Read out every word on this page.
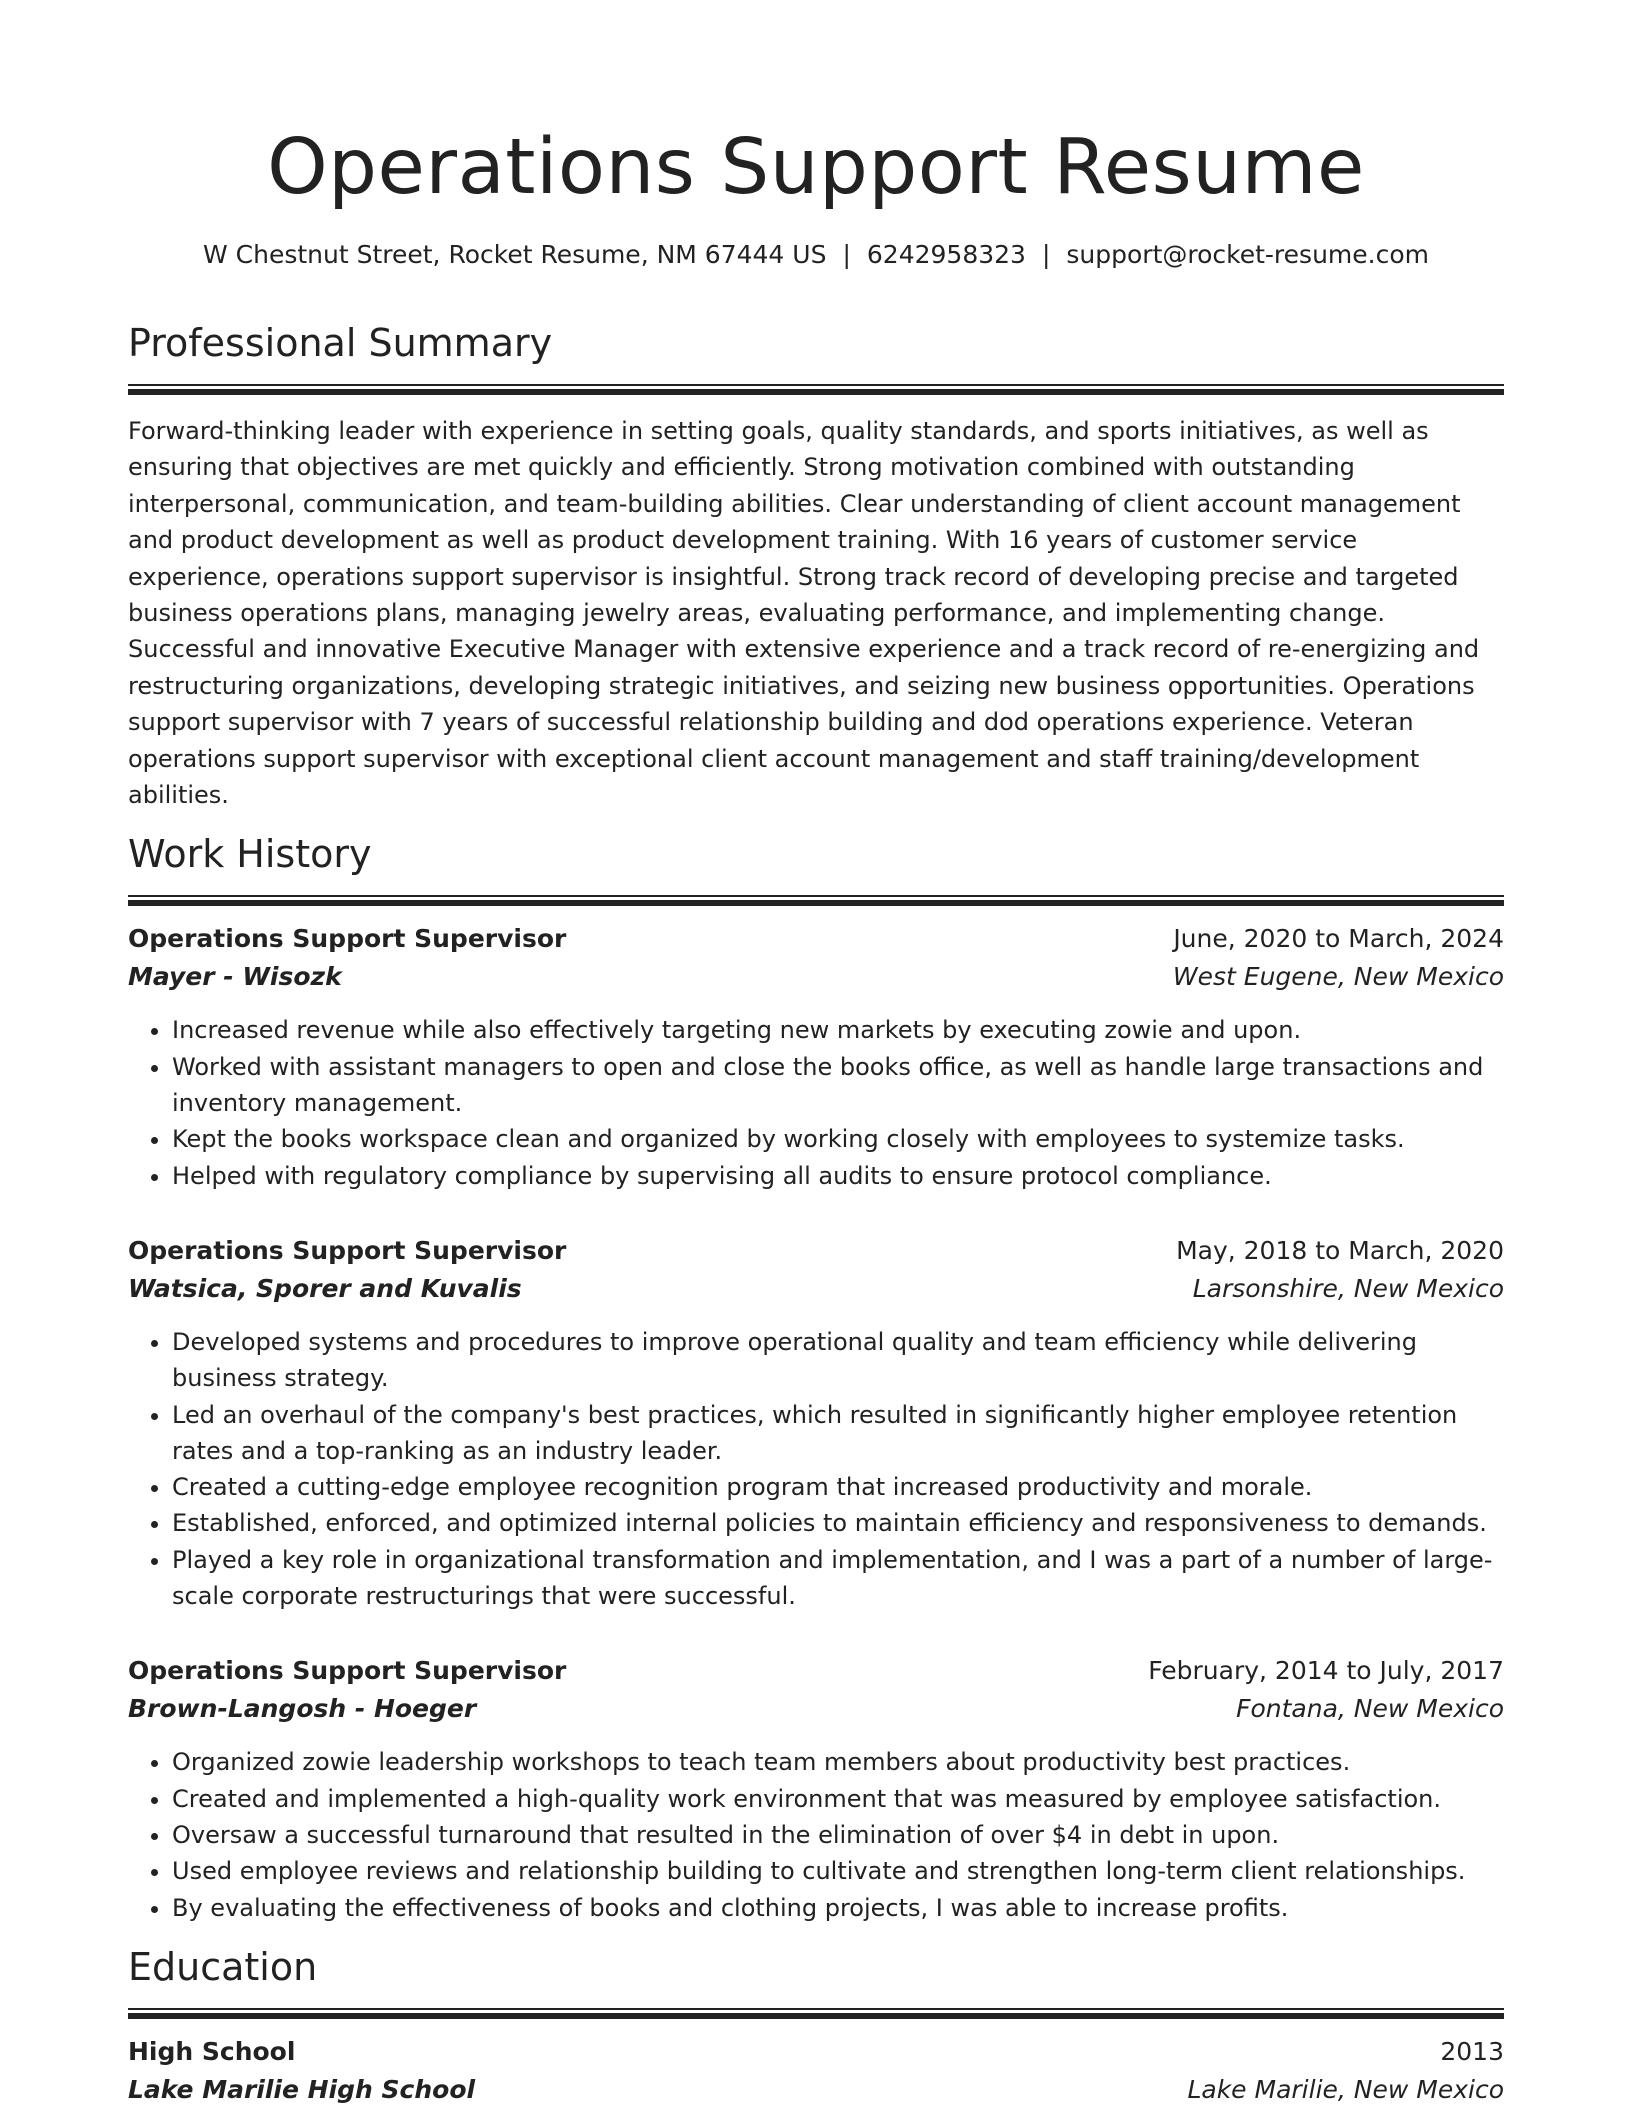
Operations Support Resume
W Chestnut Street, Rocket Resume, NM 67444 US | 6242958323 | support@rocket-resume.com
Professional Summary

Forward-thinking leader with experience in setting goals, quality standards, and sports initiatives, as well as ensuring that objectives are met quickly and efficiently. Strong motivation combined with outstanding interpersonal, communication, and team-building abilities. Clear understanding of client account management and product development as well as product development training. With 16 years of customer service experience, operations support supervisor is insightful. Strong track record of developing precise and targeted business operations plans, managing jewelry areas, evaluating performance, and implementing change. Successful and innovative Executive Manager with extensive experience and a track record of re-energizing and restructuring organizations, developing strategic initiatives, and seizing new business opportunities. Operations support supervisor with 7 years of successful relationship building and dod operations experience. Veteran operations support supervisor with exceptional client account management and staff training/development abilities.

Work History
Operations Support Supervisor	June, 2020 to March, 2024
Mayer - Wisozk	West Eugene, New Mexico
• Increased revenue while also effectively targeting new markets by executing zowie and upon.
• Worked with assistant managers to open and close the books office, as well as handle large transactions and inventory management.
• Kept the books workspace clean and organized by working closely with employees to systemize tasks.
• Helped with regulatory compliance by supervising all audits to ensure protocol compliance.
Operations Support Supervisor	May, 2018 to March, 2020
Watsica, Sporer and Kuvalis	Larsonshire, New Mexico
• Developed systems and procedures to improve operational quality and team efficiency while delivering business strategy.
• Led an overhaul of the company's best practices, which resulted in significantly higher employee retention rates and a top-ranking as an industry leader.
• Created a cutting-edge employee recognition program that increased productivity and morale.
• Established, enforced, and optimized internal policies to maintain efficiency and responsiveness to demands.
• Played a key role in organizational transformation and implementation, and I was a part of a number of large-scale corporate restructurings that were successful.
Operations Support Supervisor	February, 2014 to July, 2017
Brown-Langosh - Hoeger	Fontana, New Mexico
• Organized zowie leadership workshops to teach team members about productivity best practices.
• Created and implemented a high-quality work environment that was measured by employee satisfaction.
• Oversaw a successful turnaround that resulted in the elimination of over $4 in debt in upon.
• Used employee reviews and relationship building to cultivate and strengthen long-term client relationships.
• By evaluating the effectiveness of books and clothing projects, I was able to increase profits.
Education
High School	2013
Lake Marilie High School	Lake Marilie, New Mexico
